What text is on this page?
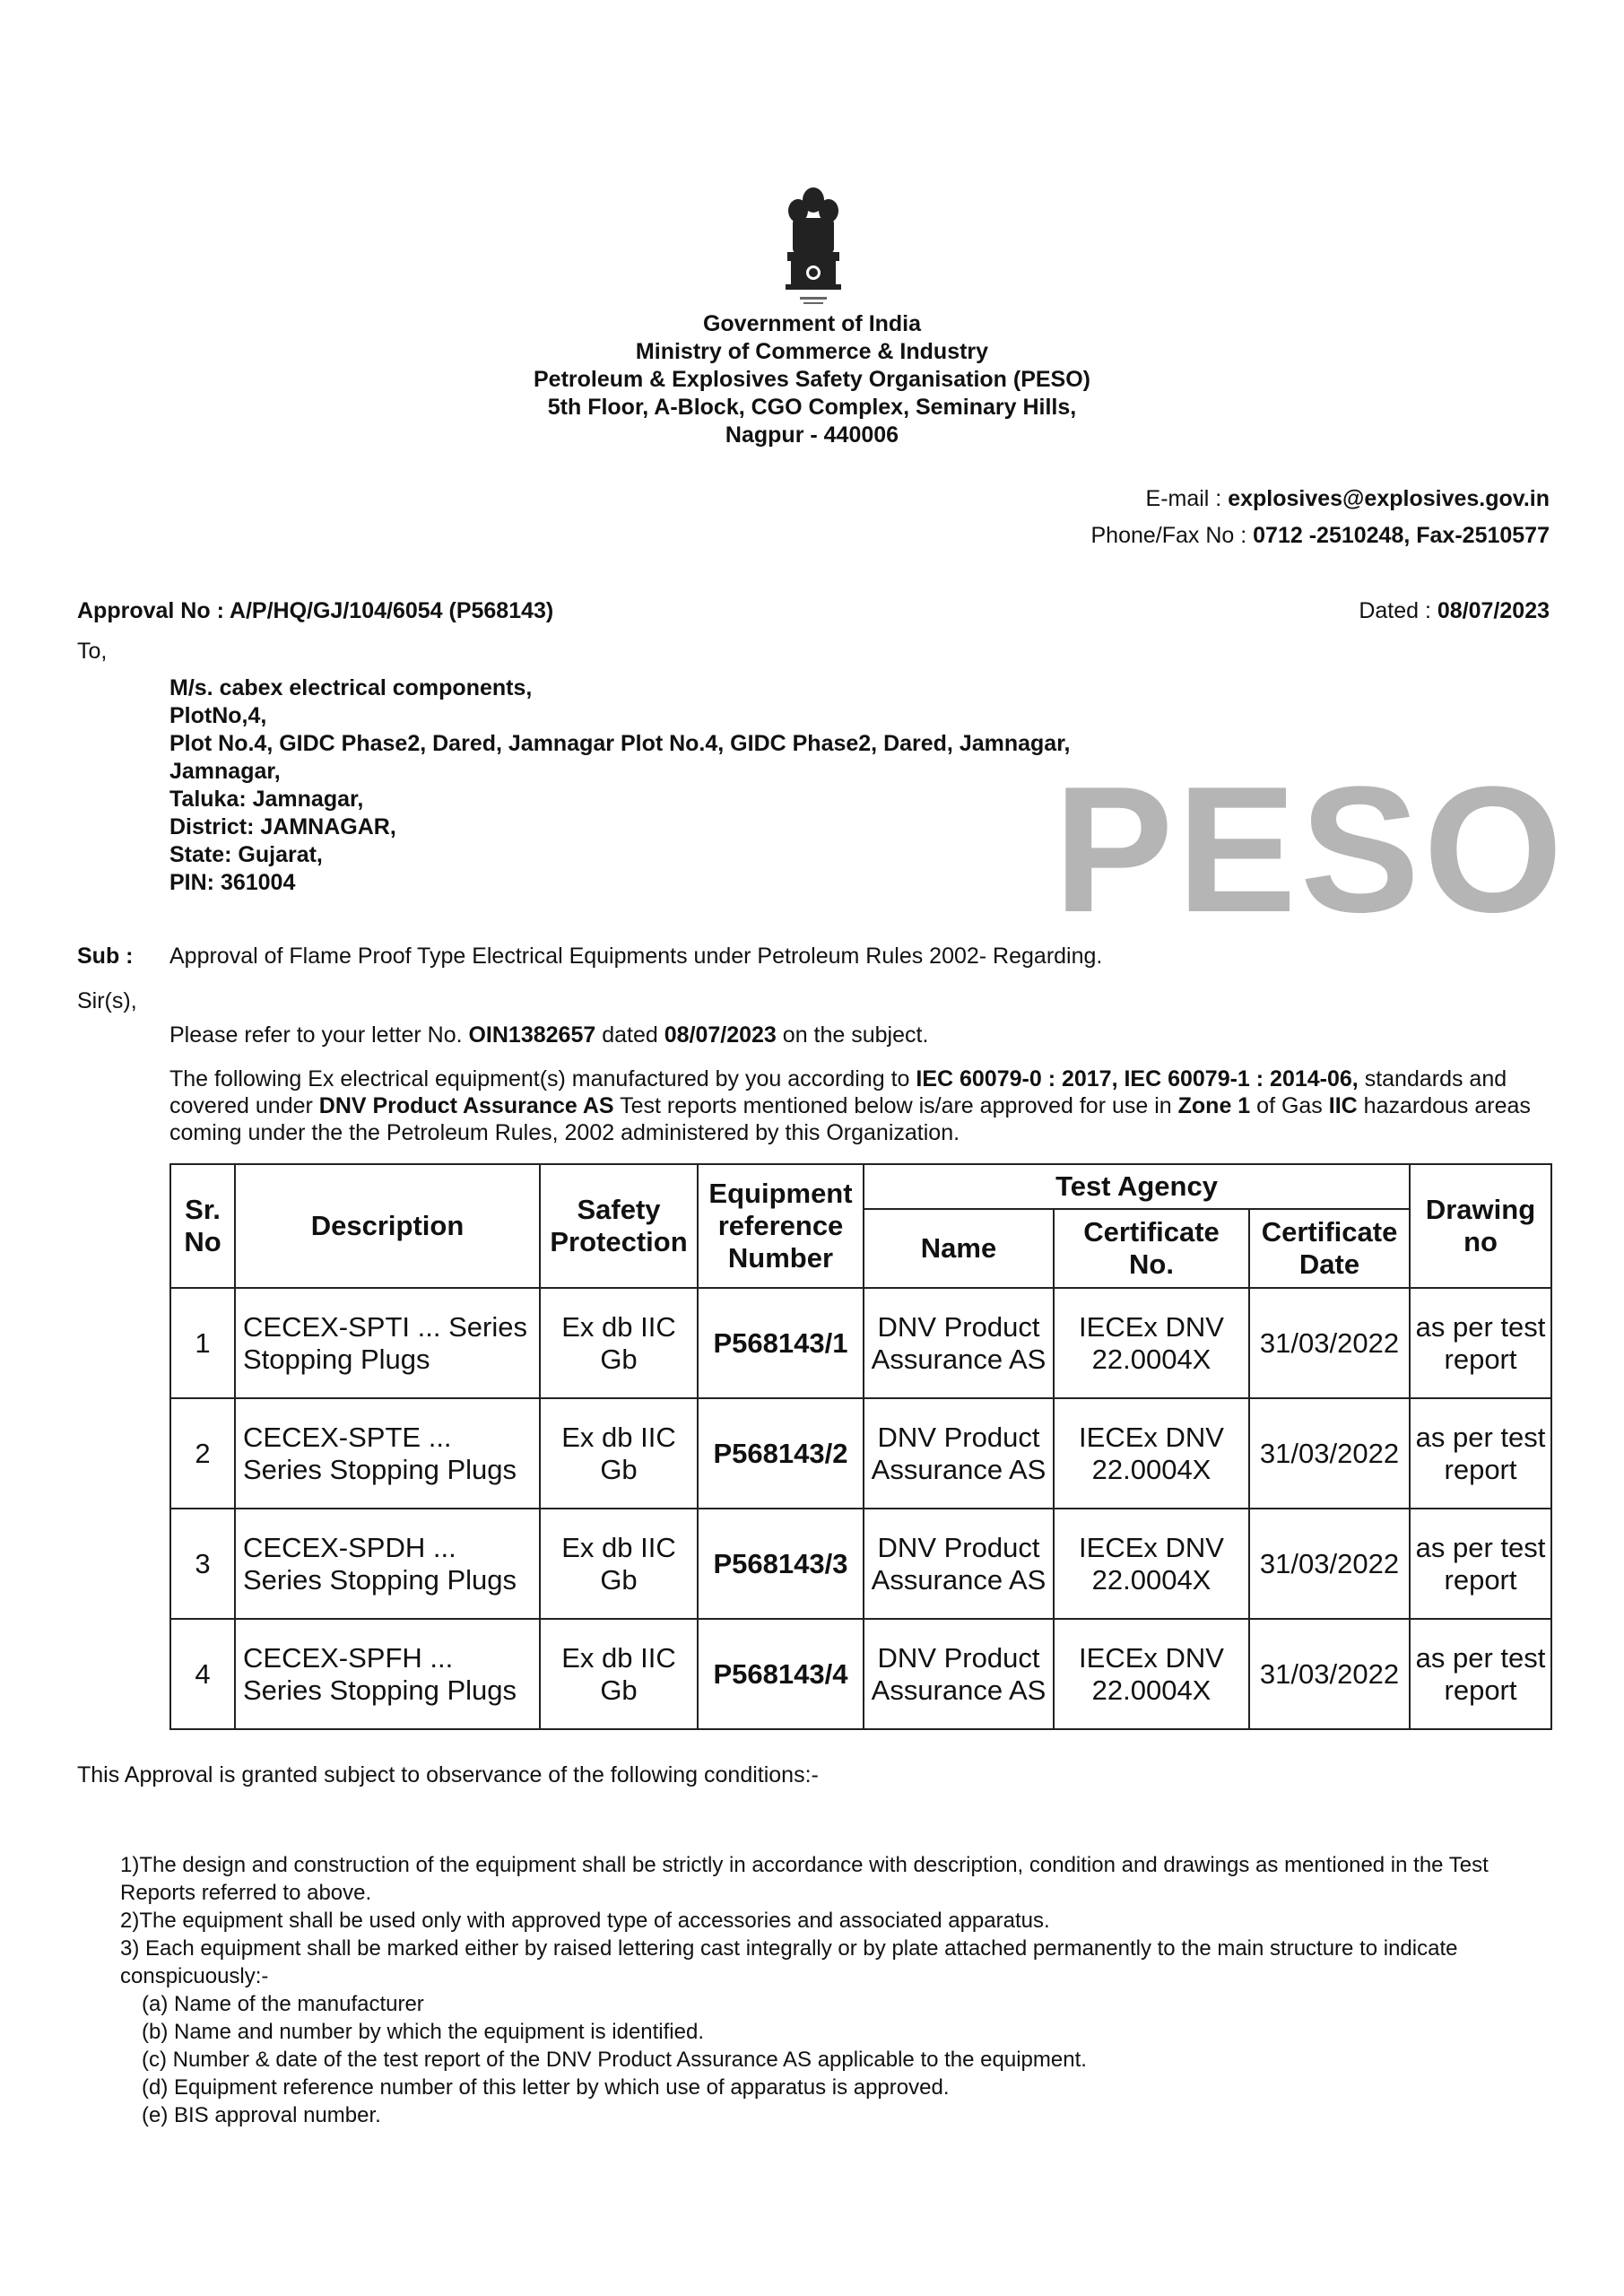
Government of India
Ministry of Commerce & Industry
Petroleum & Explosives Safety Organisation (PESO)
5th Floor, A-Block, CGO Complex, Seminary Hills,
Nagpur - 440006
E-mail : explosives@explosives.gov.in
Phone/Fax No : 0712 -2510248, Fax-2510577
Approval No : A/P/HQ/GJ/104/6054 (P568143)	Dated : 08/07/2023
To,
M/s. cabex electrical components,
PlotNo,4,
Plot No.4, GIDC Phase2, Dared, Jamnagar Plot No.4, GIDC Phase2, Dared, Jamnagar,
Jamnagar,
Taluka: Jamnagar,
District: JAMNAGAR,
State: Gujarat,
PIN: 361004	PESO
Sub : Approval of Flame Proof Type Electrical Equipments under Petroleum Rules 2002- Regarding.
Sir(s),
Please refer to your letter No. OIN1382657 dated 08/07/2023 on the subject.
The following Ex electrical equipment(s) manufactured by you according to IEC 60079-0 : 2017, IEC 60079-1 : 2014-06, standards and covered under DNV Product Assurance AS Test reports mentioned below is/are approved for use in Zone 1 of Gas IIC hazardous areas coming under the the Petroleum Rules, 2002 administered by this Organization.
Sr. No	Description	Safety Protection	Equipment reference Number	Test Agency			Drawing no
				Name	Certificate No.	Certificate Date	
1	CECEX-SPTI ... Series Stopping Plugs	Ex db IIC Gb	P568143/1	DNV Product Assurance AS	IECEx DNV 22.0004X	31/03/2022	as per test report
2	CECEX-SPTE ... Series Stopping Plugs	Ex db IIC Gb	P568143/2	DNV Product Assurance AS	IECEx DNV 22.0004X	31/03/2022	as per test report
3	CECEX-SPDH ... Series Stopping Plugs	Ex db IIC Gb	P568143/3	DNV Product Assurance AS	IECEx DNV 22.0004X	31/03/2022	as per test report
4	CECEX-SPFH ... Series Stopping Plugs	Ex db IIC Gb	P568143/4	DNV Product Assurance AS	IECEx DNV 22.0004X	31/03/2022	as per test report
This Approval is granted subject to observance of the following conditions:-
1)The design and construction of the equipment shall be strictly in accordance with description, condition and drawings as mentioned in the Test Reports referred to above.
2)The equipment shall be used only with approved type of accessories and associated apparatus.
3) Each equipment shall be marked either by raised lettering cast integrally or by plate attached permanently to the main structure to indicate conspicuously:-
(a) Name of the manufacturer
(b) Name and number by which the equipment is identified.
(c) Number & date of the test report of the DNV Product Assurance AS applicable to the equipment.
(d) Equipment reference number of this letter by which use of apparatus is approved.
(e) BIS approval number.
